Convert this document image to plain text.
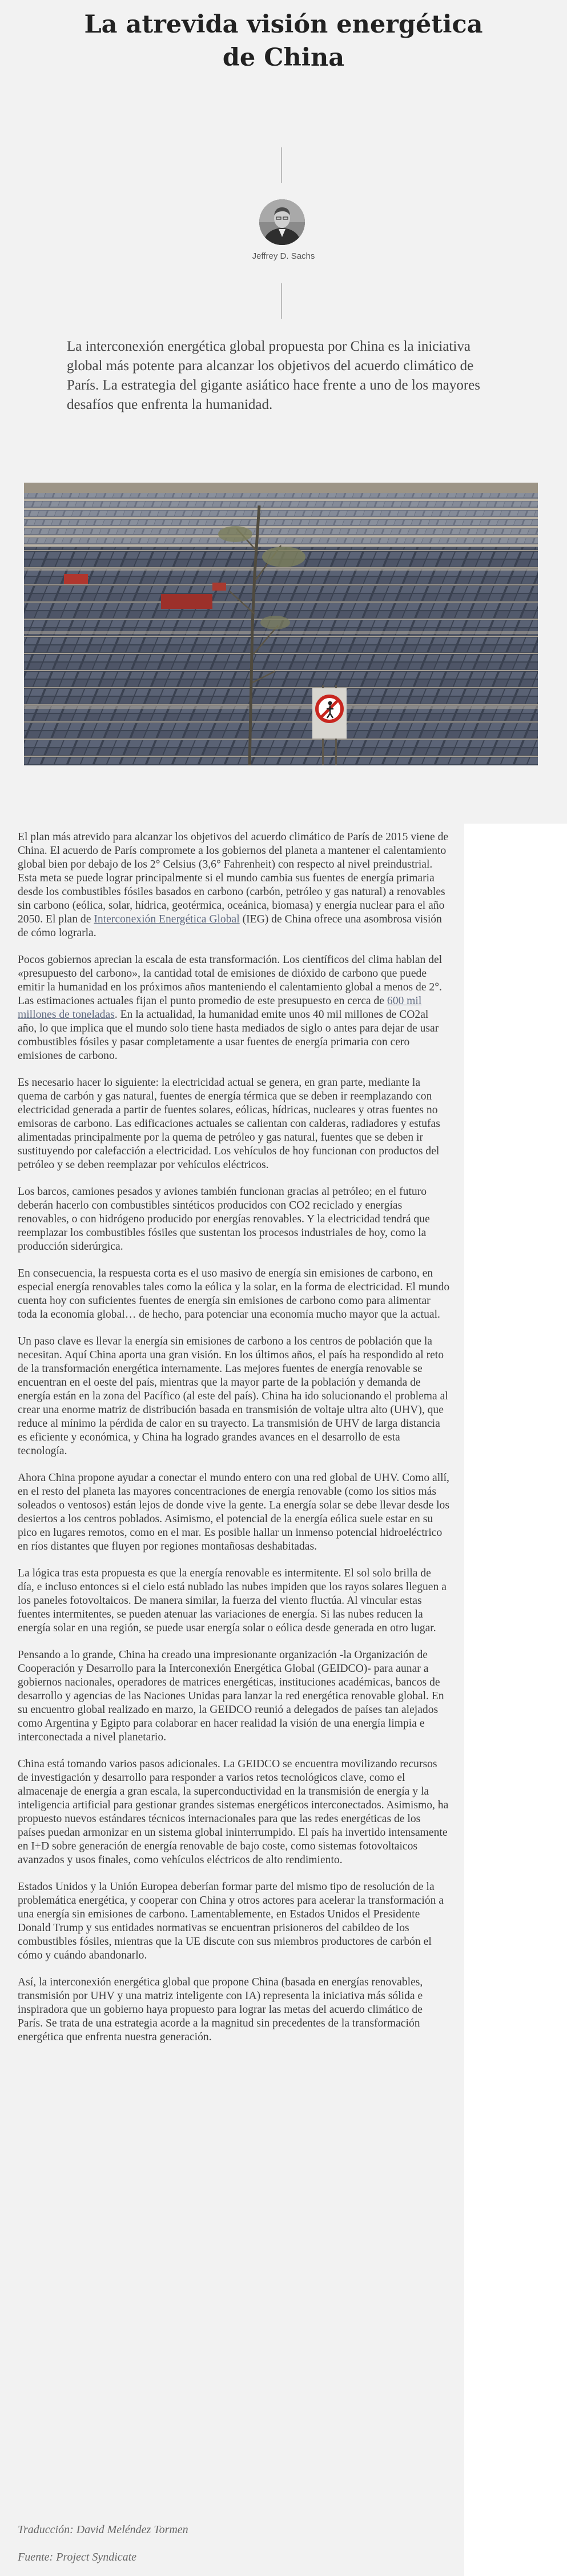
La atrevida visión energética de China
Jeffrey D. Sachs

La interconexión energética global propuesta por China es la iniciativa global más potente para alcanzar los objetivos del acuerdo climático de París. La estrategia del gigante asiático hace frente a uno de los mayores desafíos que enfrenta la humanidad.

El plan más atrevido para alcanzar los objetivos del acuerdo climático de París de 2015 viene de China. El acuerdo de París compromete a los gobiernos del planeta a mantener el calentamiento global bien por debajo de los 2° Celsius (3,6° Fahrenheit) con respecto al nivel preindustrial. Esta meta se puede lograr principalmente si el mundo cambia sus fuentes de energía primaria desde los combustibles fósiles basados en carbono (carbón, petróleo y gas natural) a renovables sin carbono (eólica, solar, hídrica, geotérmica, oceánica, biomasa) y energía nuclear para el año 2050. El plan de Interconexión Energética Global (IEG) de China ofrece una asombrosa visión de cómo lograrla.

Pocos gobiernos aprecian la escala de esta transformación. Los científicos del clima hablan del «presupuesto del carbono», la cantidad total de emisiones de dióxido de carbono que puede emitir la humanidad en los próximos años manteniendo el calentamiento global a menos de 2°. Las estimaciones actuales fijan el punto promedio de este presupuesto en cerca de 600 mil millones de toneladas. En la actualidad, la humanidad emite unos 40 mil millones de CO2al año, lo que implica que el mundo solo tiene hasta mediados de siglo o antes para dejar de usar combustibles fósiles y pasar completamente a usar fuentes de energía primaria con cero emisiones de carbono.

Es necesario hacer lo siguiente: la electricidad actual se genera, en gran parte, mediante la quema de carbón y gas natural, fuentes de energía térmica que se deben ir reemplazando con electricidad generada a partir de fuentes solares, eólicas, hídricas, nucleares y otras fuentes no emisoras de carbono. Las edificaciones actuales se calientan con calderas, radiadores y estufas alimentadas principalmente por la quema de petróleo y gas natural, fuentes que se deben ir sustituyendo por calefacción a electricidad. Los vehículos de hoy funcionan con productos del petróleo y se deben reemplazar por vehículos eléctricos.

Los barcos, camiones pesados y aviones también funcionan gracias al petróleo; en el futuro deberán hacerlo con combustibles sintéticos producidos con CO2 reciclado y energías renovables, o con hidrógeno producido por energías renovables. Y la electricidad tendrá que reemplazar los combustibles fósiles que sustentan los procesos industriales de hoy, como la producción siderúrgica.

En consecuencia, la respuesta corta es el uso masivo de energía sin emisiones de carbono, en especial energía renovables tales como la eólica y la solar, en la forma de electricidad. El mundo cuenta hoy con suficientes fuentes de energía sin emisiones de carbono como para alimentar toda la economía global… de hecho, para potenciar una economía mucho mayor que la actual.

Un paso clave es llevar la energía sin emisiones de carbono a los centros de población que la necesitan. Aquí China aporta una gran visión. En los últimos años, el país ha respondido al reto de la transformación energética internamente. Las mejores fuentes de energía renovable se encuentran en el oeste del país, mientras que la mayor parte de la población y demanda de energía están en la zona del Pacífico (al este del país). China ha ido solucionando el problema al crear una enorme matriz de distribución basada en transmisión de voltaje ultra alto (UHV), que reduce al mínimo la pérdida de calor en su trayecto. La transmisión de UHV de larga distancia es eficiente y económica, y China ha logrado grandes avances en el desarrollo de esta tecnología.

Ahora China propone ayudar a conectar el mundo entero con una red global de UHV. Como allí, en el resto del planeta las mayores concentraciones de energía renovable (como los sitios más soleados o ventosos) están lejos de donde vive la gente. La energía solar se debe llevar desde los desiertos a los centros poblados. Asimismo, el potencial de la energía eólica suele estar en su pico en lugares remotos, como en el mar. Es posible hallar un inmenso potencial hidroeléctrico en ríos distantes que fluyen por regiones montañosas deshabitadas.

La lógica tras esta propuesta es que la energía renovable es intermitente. El sol solo brilla de día, e incluso entonces si el cielo está nublado las nubes impiden que los rayos solares lleguen a los paneles fotovoltaicos. De manera similar, la fuerza del viento fluctúa. Al vincular estas fuentes intermitentes, se pueden atenuar las variaciones de energía. Si las nubes reducen la energía solar en una región, se puede usar energía solar o eólica desde generada en otro lugar.

Pensando a lo grande, China ha creado una impresionante organización -la Organización de Cooperación y Desarrollo para la Interconexión Energética Global (GEIDCO)- para aunar a gobiernos nacionales, operadores de matrices energéticas, instituciones académicas, bancos de desarrollo y agencias de las Naciones Unidas para lanzar la red energética renovable global. En su encuentro global realizado en marzo, la GEIDCO reunió a delegados de países tan alejados como Argentina y Egipto para colaborar en hacer realidad la visión de una energía limpia e interconectada a nivel planetario.

China está tomando varios pasos adicionales. La GEIDCO se encuentra movilizando recursos de investigación y desarrollo para responder a varios retos tecnológicos clave, como el almacenaje de energía a gran escala, la superconductividad en la transmisión de energía y la inteligencia artificial para gestionar grandes sistemas energéticos interconectados. Asimismo, ha propuesto nuevos estándares técnicos internacionales para que las redes energéticas de los países puedan armonizar en un sistema global ininterrumpido. El país ha invertido intensamente en I+D sobre generación de energía renovable de bajo coste, como sistemas fotovoltaicos avanzados y usos finales, como vehículos eléctricos de alto rendimiento.

Estados Unidos y la Unión Europea deberían formar parte del mismo tipo de resolución de la problemática energética, y cooperar con China y otros actores para acelerar la transformación a una energía sin emisiones de carbono. Lamentablemente, en Estados Unidos el Presidente Donald Trump y sus entidades normativas se encuentran prisioneros del cabildeo de los combustibles fósiles, mientras que la UE discute con sus miembros productores de carbón el cómo y cuándo abandonarlo.

Así, la interconexión energética global que propone China (basada en energías renovables, transmisión por UHV y una matriz inteligente con IA) representa la iniciativa más sólida e inspiradora que un gobierno haya propuesto para lograr las metas del acuerdo climático de París. Se trata de una estrategia acorde a la magnitud sin precedentes de la transformación energética que enfrenta nuestra generación.

Traducción: David Meléndez Tormen

Fuente: Project Syndicate
